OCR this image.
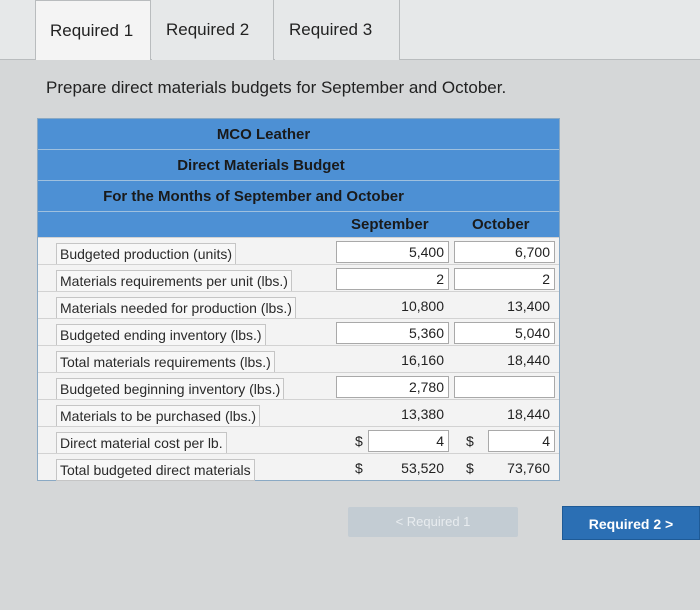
Required 1	Required 2	Required 3
Prepare direct materials budgets for September and October.
MCO Leather
Direct Materials Budget
For the Months of September and October
September	October
Budgeted production (units)	5,400	6,700
Materials requirements per unit (lbs.)	2	2
Materials needed for production (lbs.)	10,800	13,400
Budgeted ending inventory (lbs.)	5,360	5,040
Total materials requirements (lbs.)	16,160	18,440
Budgeted beginning inventory (lbs.)	2,780
Materials to be purchased (lbs.)	13,380	18,440
Direct material cost per lb.	$	4	$	4
Total budgeted direct materials	$	53,520	$	73,760
< Required 1	Required 2 >
